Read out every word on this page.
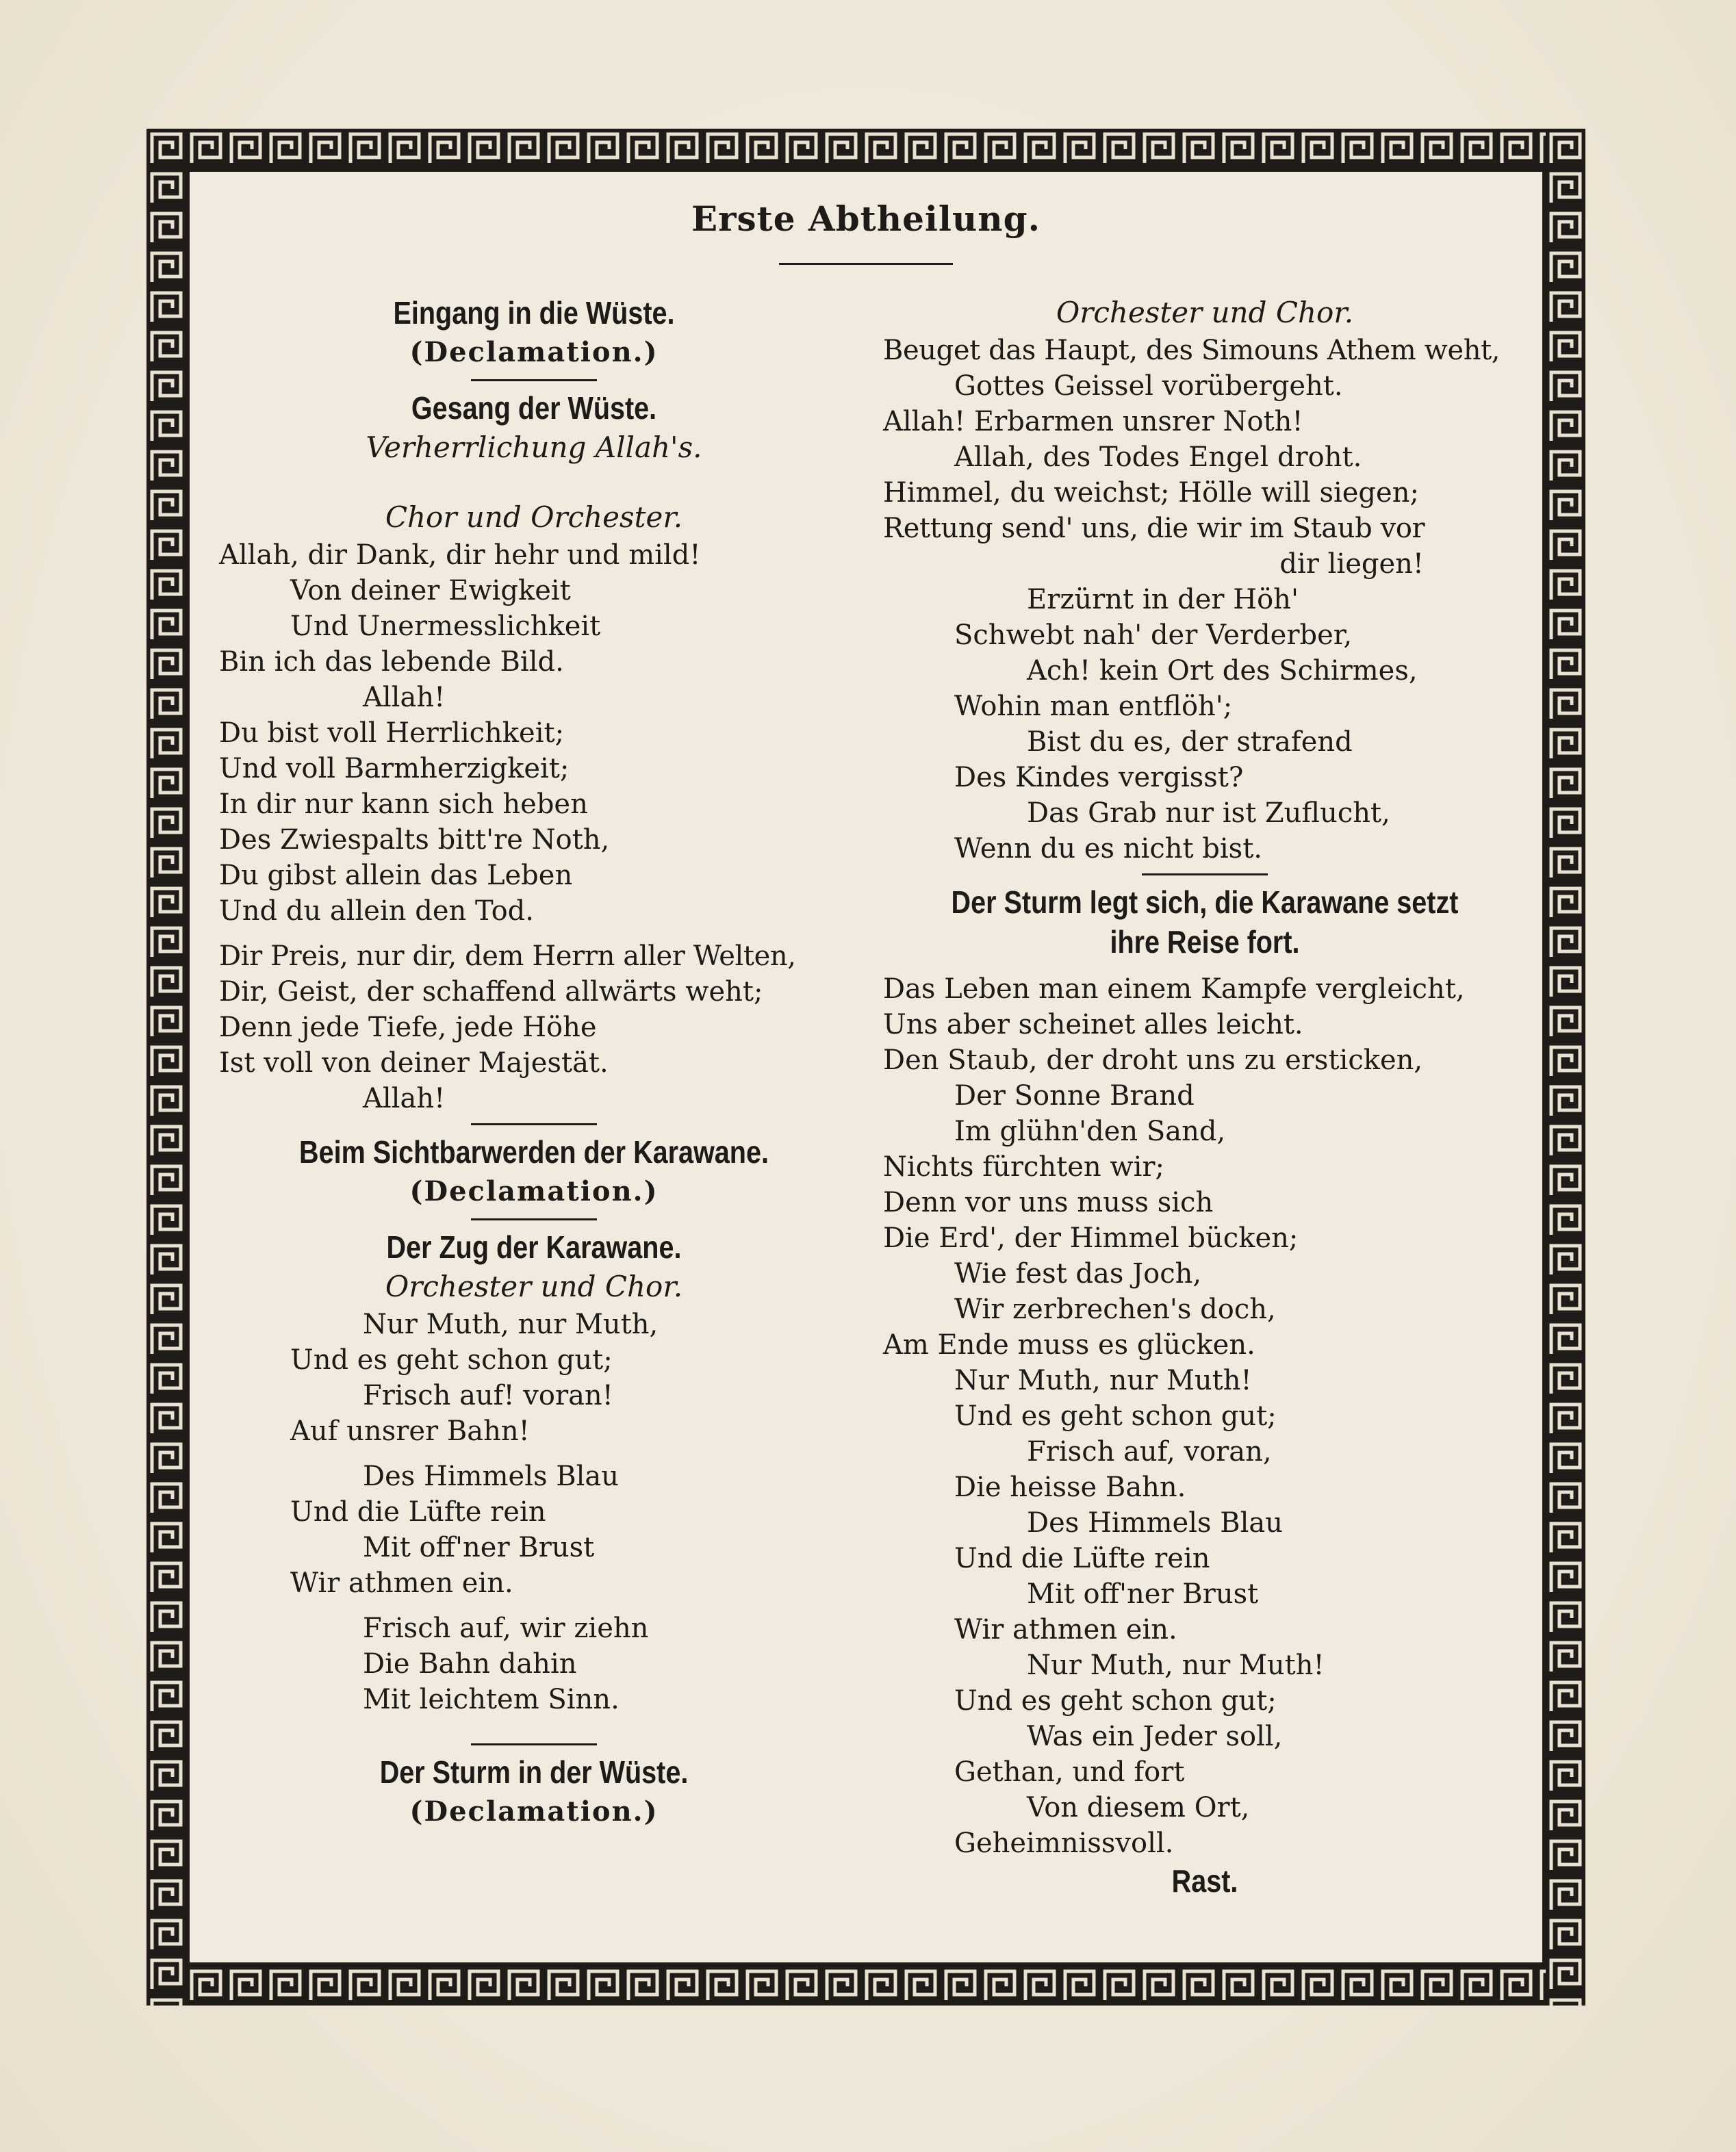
Erste Abtheilung.
Eingang in die Wüste.
(Declamation.)
Gesang der Wüste.
Verherrlichung Allah's.
Chor und Orchester.
Allah, dir Dank, dir hehr und mild!
Von deiner Ewigkeit
Und Unermesslichkeit
Bin ich das lebende Bild.
Allah!
Du bist voll Herrlichkeit;
Und voll Barmherzigkeit;
In dir nur kann sich heben
Des Zwiespalts bitt're Noth,
Du gibst allein das Leben
Und du allein den Tod.
Dir Preis, nur dir, dem Herrn aller Welten,
Dir, Geist, der schaffend allwärts weht;
Denn jede Tiefe, jede Höhe
Ist voll von deiner Majestät.
Allah!
Beim Sichtbarwerden der Karawane.
(Declamation.)
Der Zug der Karawane.
Orchester und Chor.
Nur Muth, nur Muth,
Und es geht schon gut;
Frisch auf! voran!
Auf unsrer Bahn!
Des Himmels Blau
Und die Lüfte rein
Mit off'ner Brust
Wir athmen ein.
Frisch auf, wir ziehn
Die Bahn dahin
Mit leichtem Sinn.
Der Sturm in der Wüste.
(Declamation.)
Orchester und Chor.
Beuget das Haupt, des Simouns Athem weht,
Gottes Geissel vorübergeht.
Allah! Erbarmen unsrer Noth!
Allah, des Todes Engel droht.
Himmel, du weichst; Hölle will siegen;
Rettung send' uns, die wir im Staub vor
dir liegen!
Erzürnt in der Höh'
Schwebt nah' der Verderber,
Ach! kein Ort des Schirmes,
Wohin man entflöh';
Bist du es, der strafend
Des Kindes vergisst?
Das Grab nur ist Zuflucht,
Wenn du es nicht bist.
Der Sturm legt sich, die Karawane setzt
ihre Reise fort.
Das Leben man einem Kampfe vergleicht,
Uns aber scheinet alles leicht.
Den Staub, der droht uns zu ersticken,
Der Sonne Brand
Im glühn'den Sand,
Nichts fürchten wir;
Denn vor uns muss sich
Die Erd', der Himmel bücken;
Wie fest das Joch,
Wir zerbrechen's doch,
Am Ende muss es glücken.
Nur Muth, nur Muth!
Und es geht schon gut;
Frisch auf, voran,
Die heisse Bahn.
Des Himmels Blau
Und die Lüfte rein
Mit off'ner Brust
Wir athmen ein.
Nur Muth, nur Muth!
Und es geht schon gut;
Was ein Jeder soll,
Gethan, und fort
Von diesem Ort,
Geheimnissvoll.
Rast.
